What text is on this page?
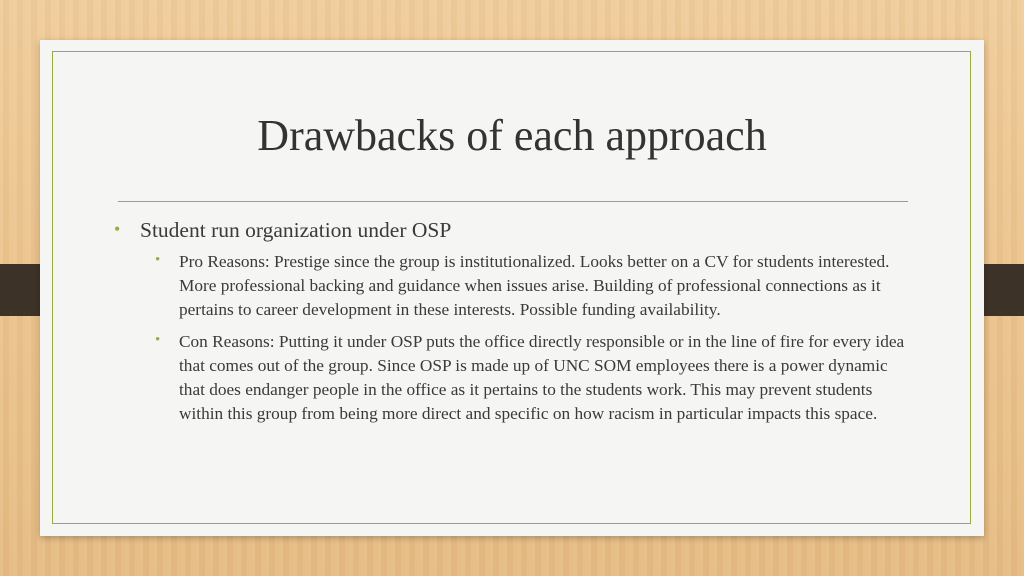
Drawbacks of each approach
• Student run organization under OSP
• Pro Reasons: Prestige since the group is institutionalized. Looks better on a CV for students interested. More professional backing and guidance when issues arise. Building of professional connections as it pertains to career development in these interests. Possible funding availability.
• Con Reasons: Putting it under OSP puts the office directly responsible or in the line of fire for every idea that comes out of the group. Since OSP is made up of UNC SOM employees there is a power dynamic that does endanger people in the office as it pertains to the students work. This may prevent students within this group from being more direct and specific on how racism in particular impacts this space.
